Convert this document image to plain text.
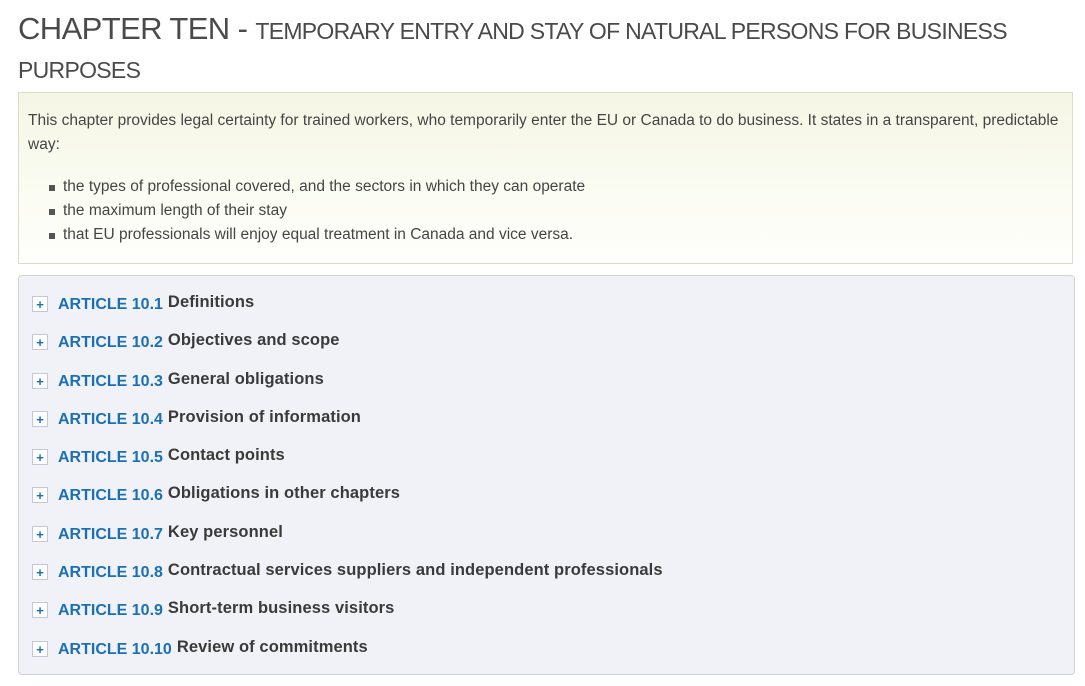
CHAPTER TEN - TEMPORARY ENTRY AND STAY OF NATURAL PERSONS FOR BUSINESS PURPOSES

This chapter provides legal certainty for trained workers, who temporarily enter the EU or Canada to do business. It states in a transparent, predictable way:

the types of professional covered, and the sectors in which they can operate
the maximum length of their stay
that EU professionals will enjoy equal treatment in Canada and vice versa.
+ ARTICLE 10.1 Definitions
+ ARTICLE 10.2 Objectives and scope
+ ARTICLE 10.3 General obligations
+ ARTICLE 10.4 Provision of information
+ ARTICLE 10.5 Contact points
+ ARTICLE 10.6 Obligations in other chapters
+ ARTICLE 10.7 Key personnel
+ ARTICLE 10.8 Contractual services suppliers and independent professionals
+ ARTICLE 10.9 Short-term business visitors
+ ARTICLE 10.10 Review of commitments
